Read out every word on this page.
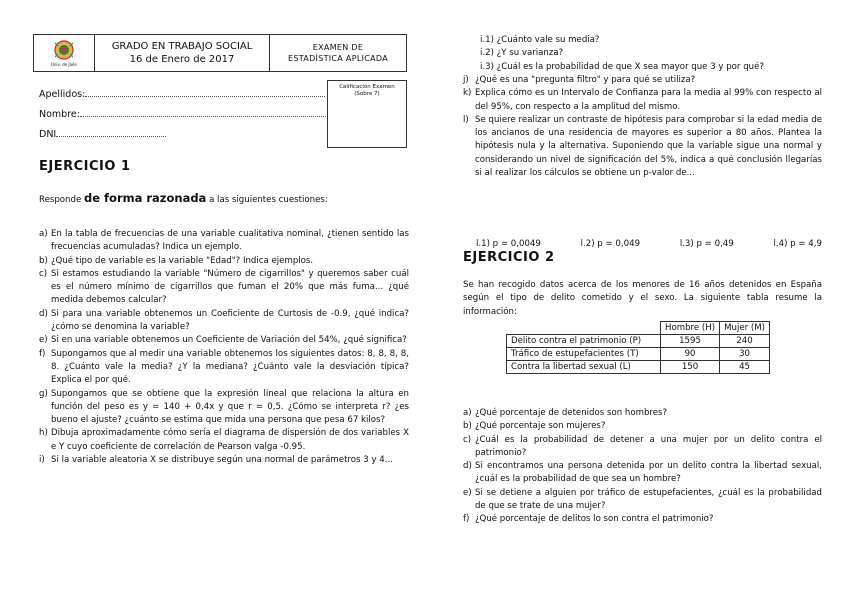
Univ. de Jaén
GRADO EN TRABAJO SOCIAL
16 de Enero de 2017
EXAMEN DE
ESTADÍSTICA APLICADA
Apellidos:
Nombre:
DNI
Calificación Examen
(Sobre 7)
EJERCICIO 1
Responde de forma razonada a las siguientes cuestiones:
a) En la tabla de frecuencias de una variable cualitativa nominal, ¿tienen sentido las frecuencias acumuladas? Indica un ejemplo.
b) ¿Qué tipo de variable es la variable "Edad"? Indica ejemplos.
c) Si estamos estudiando la variable "Número de cigarrillos" y queremos saber cuál es el número mínimo de cigarrillos que fuman el 20% que más fuma... ¿qué medida debemos calcular?
d) Si para una variable obtenemos un Coeficiente de Curtosis de -0.9, ¿qué indica? ¿cómo se denomina la variable?
e) Si en una variable obtenemos un Coeficiente de Variación del 54%, ¿qué significa?
f) Supongamos que al medir una variable obtenemos los siguientes datos: 8, 8, 8, 8, 8. ¿Cuánto vale la media? ¿Y la mediana? ¿Cuánto vale la desviación típica? Explica el por qué.
g) Supongamos que se obtiene que la expresión lineal que relaciona la altura en función del peso es y = 140 + 0,4x y que r = 0,5. ¿Cómo se interpreta r? ¿es bueno el ajuste? ¿cuánto se estima que mida una persona que pesa 67 kilos?
h) Dibuja aproximadamente cómo sería el diagrama de dispersión de dos variables X e Y cuyo coeficiente de correlación de Pearson valga -0.95.
i) Si la variable aleatoria X se distribuye según una normal de parámetros 3 y 4...
i.1) ¿Cuánto vale su media?
i.2) ¿Y su varianza?
i.3) ¿Cuál es la probabilidad de que X sea mayor que 3 y por qué?
j) ¿Qué es una "pregunta filtro" y para qué se utiliza?
k) Explica cómo es un Intervalo de Confianza para la media al 99% con respecto al del 95%, con respecto a la amplitud del mismo.
l) Se quiere realizar un contraste de hipótesis para comprobar si la edad media de los ancianos de una residencia de mayores es superior a 80 años. Plantea la hipótesis nula y la alternativa. Suponiendo que la variable sigue una normal y considerando un nivel de significación del 5%, indica a qué conclusión llegarías si al realizar los cálculos se obtiene un p-valor de...
l.1) p = 0,0049	l.2) p = 0,049	l.3) p = 0,49	l.4) p = 4,9
EJERCICIO 2
Se han recogido datos acerca de los menores de 16 años detenidos en España según el tipo de delito cometido y el sexo. La siguiente tabla resume la información:
	Hombre (H)	Mujer (M)
Delito contra el patrimonio (P)	1595	240
Tráfico de estupefacientes (T)	90	30
Contra la libertad sexual (L)	150	45
a) ¿Qué porcentaje de detenidos son hombres?
b) ¿Qué porcentaje son mujeres?
c) ¿Cuál es la probabilidad de detener a una mujer por un delito contra el patrimonio?
d) Si encontramos una persona detenida por un delito contra la libertad sexual, ¿cuál es la probabilidad de que sea un hombre?
e) Si se detiene a alguien por tráfico de estupefacientes, ¿cuál es la probabilidad de que se trate de una mujer?
f) ¿Qué porcentaje de delitos lo son contra el patrimonio?
